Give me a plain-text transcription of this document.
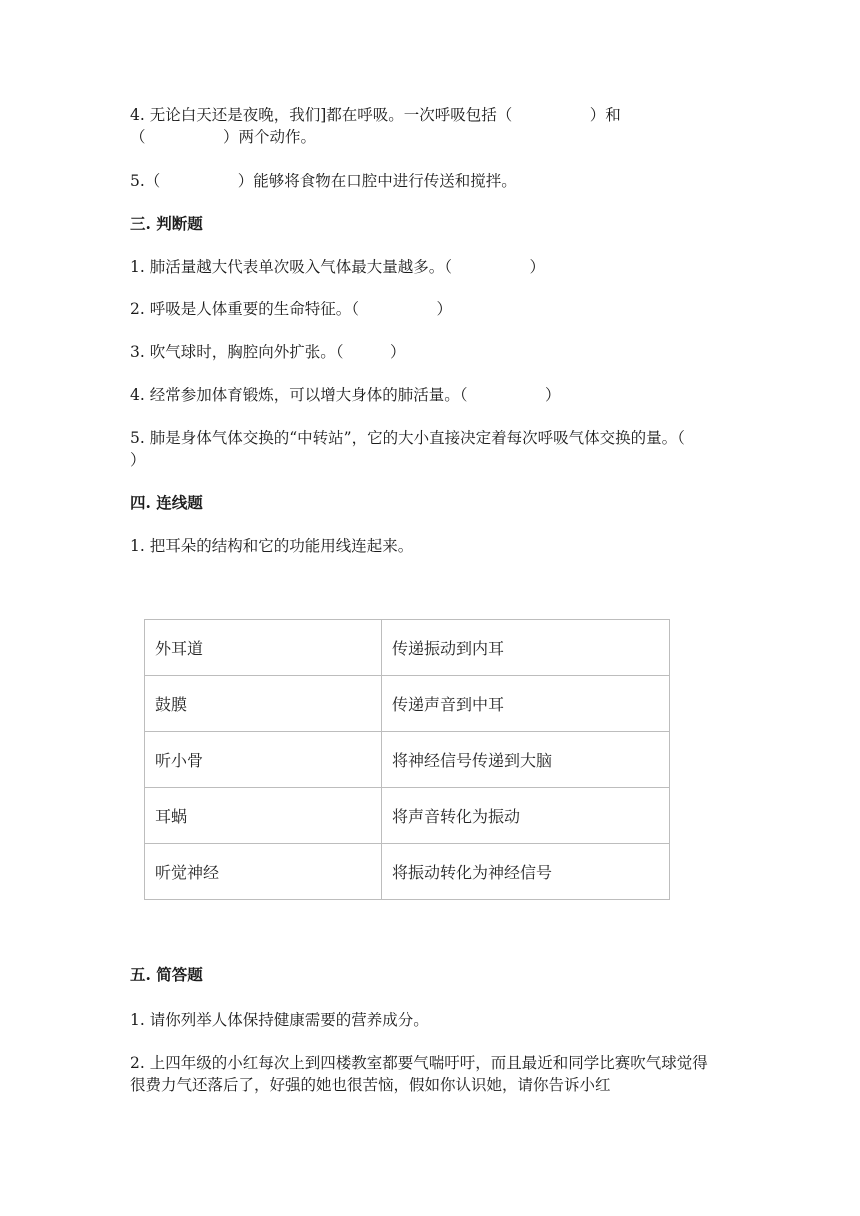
4. 无论白天还是夜晚，我们]都在呼吸。一次呼吸包括（　　　　　）和
（　　　　　）两个动作。
5.（　　　　　）能够将食物在口腔中进行传送和搅拌。
三. 判断题
1. 肺活量越大代表单次吸入气体最大量越多。（　　　　　）
2. 呼吸是人体重要的生命特征。（　　　　　）
3. 吹气球时，胸腔向外扩张。（　　　）
4. 经常参加体育锻炼，可以增大身体的肺活量。（　　　　　）
5. 肺是身体气体交换的“中转站”，它的大小直接决定着每次呼吸气体交换的量。（　　　）
四. 连线题
1. 把耳朵的结构和它的功能用线连起来。
外耳道	传递振动到内耳
鼓膜	传递声音到中耳
听小骨	将神经信号传递到大脑
耳蜗	将声音转化为振动
听觉神经	将振动转化为神经信号
五. 简答题
1. 请你列举人体保持健康需要的营养成分。
2. 上四年级的小红每次上到四楼教室都要气喘吁吁，而且最近和同学比赛吹气球觉得很费力气还落后了，好强的她也很苦恼，假如你认识她，请你告诉小红
